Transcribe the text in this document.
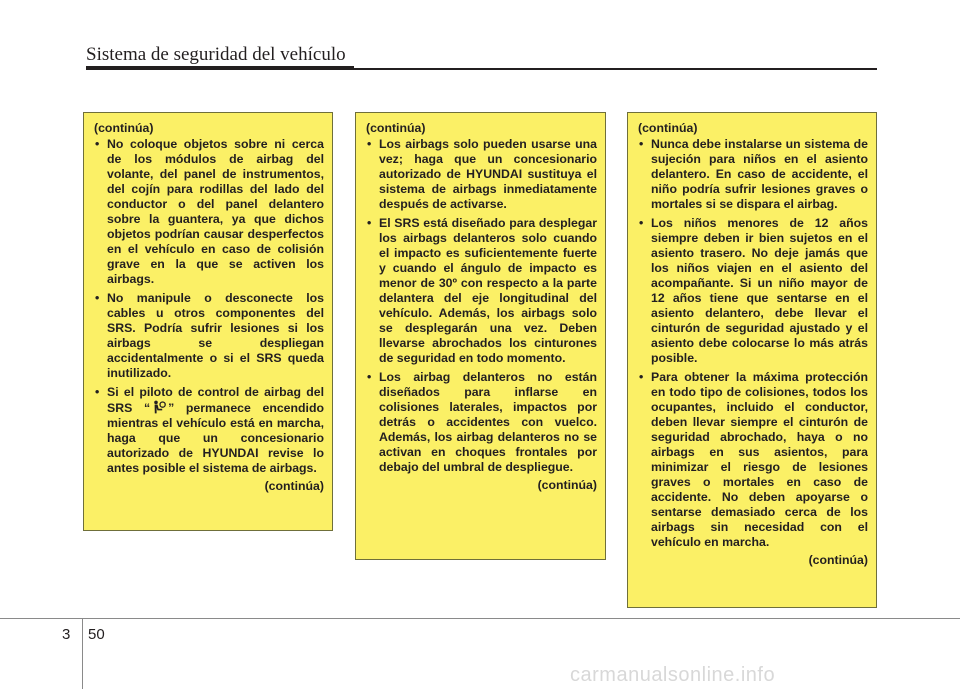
Sistema de seguridad del vehículo
(continúa)
• No coloque objetos sobre ni cerca de los módulos de airbag del volante, del panel de instrumentos, del cojín para rodillas del lado del conductor o del panel delantero sobre la guantera, ya que dichos objetos podrían causar desperfectos en el vehículo en caso de colisión grave en la que se activen los airbags.
• No manipule o desconecte los cables u otros componentes del SRS. Podría sufrir lesiones si los airbags se despliegan accidentalmente o si el SRS queda inutilizado.
• Si el piloto de control de airbag del SRS “ ” permanece encendido mientras el vehículo está en marcha, haga que un concesionario autorizado de HYUNDAI revise lo antes posible el sistema de airbags.
(continúa)
(continúa)
• Los airbags solo pueden usarse una vez; haga que un concesionario autorizado de HYUNDAI sustituya el sistema de airbags inmediatamente después de activarse.
• El SRS está diseñado para desplegar los airbags delanteros solo cuando el impacto es suficientemente fuerte y cuando el ángulo de impacto es menor de 30º con respecto a la parte delantera del eje longitudinal del vehículo. Además, los airbags solo se desplegarán una vez. Deben llevarse abrochados los cinturones de seguridad en todo momento.
• Los airbag delanteros no están diseñados para inflarse en colisiones laterales, impactos por detrás o accidentes con vuelco. Además, los airbag delanteros no se activan en choques frontales por debajo del umbral de despliegue.
(continúa)
(continúa)
• Nunca debe instalarse un sistema de sujeción para niños en el asiento delantero. En caso de accidente, el niño podría sufrir lesiones graves o mortales si se dispara el airbag.
• Los niños menores de 12 años siempre deben ir bien sujetos en el asiento trasero. No deje jamás que los niños viajen en el asiento del acompañante. Si un niño mayor de 12 años tiene que sentarse en el asiento delantero, debe llevar el cinturón de seguridad ajustado y el asiento debe colocarse lo más atrás posible.
• Para obtener la máxima protección en todo tipo de colisiones, todos los ocupantes, incluido el conductor, deben llevar siempre el cinturón de seguridad abrochado, haya o no airbags en sus asientos, para minimizar el riesgo de lesiones graves o mortales en caso de accidente. No deben apoyarse o sentarse demasiado cerca de los airbags sin necesidad con el vehículo en marcha.
(continúa)
3 50
carmanualsonline.info
